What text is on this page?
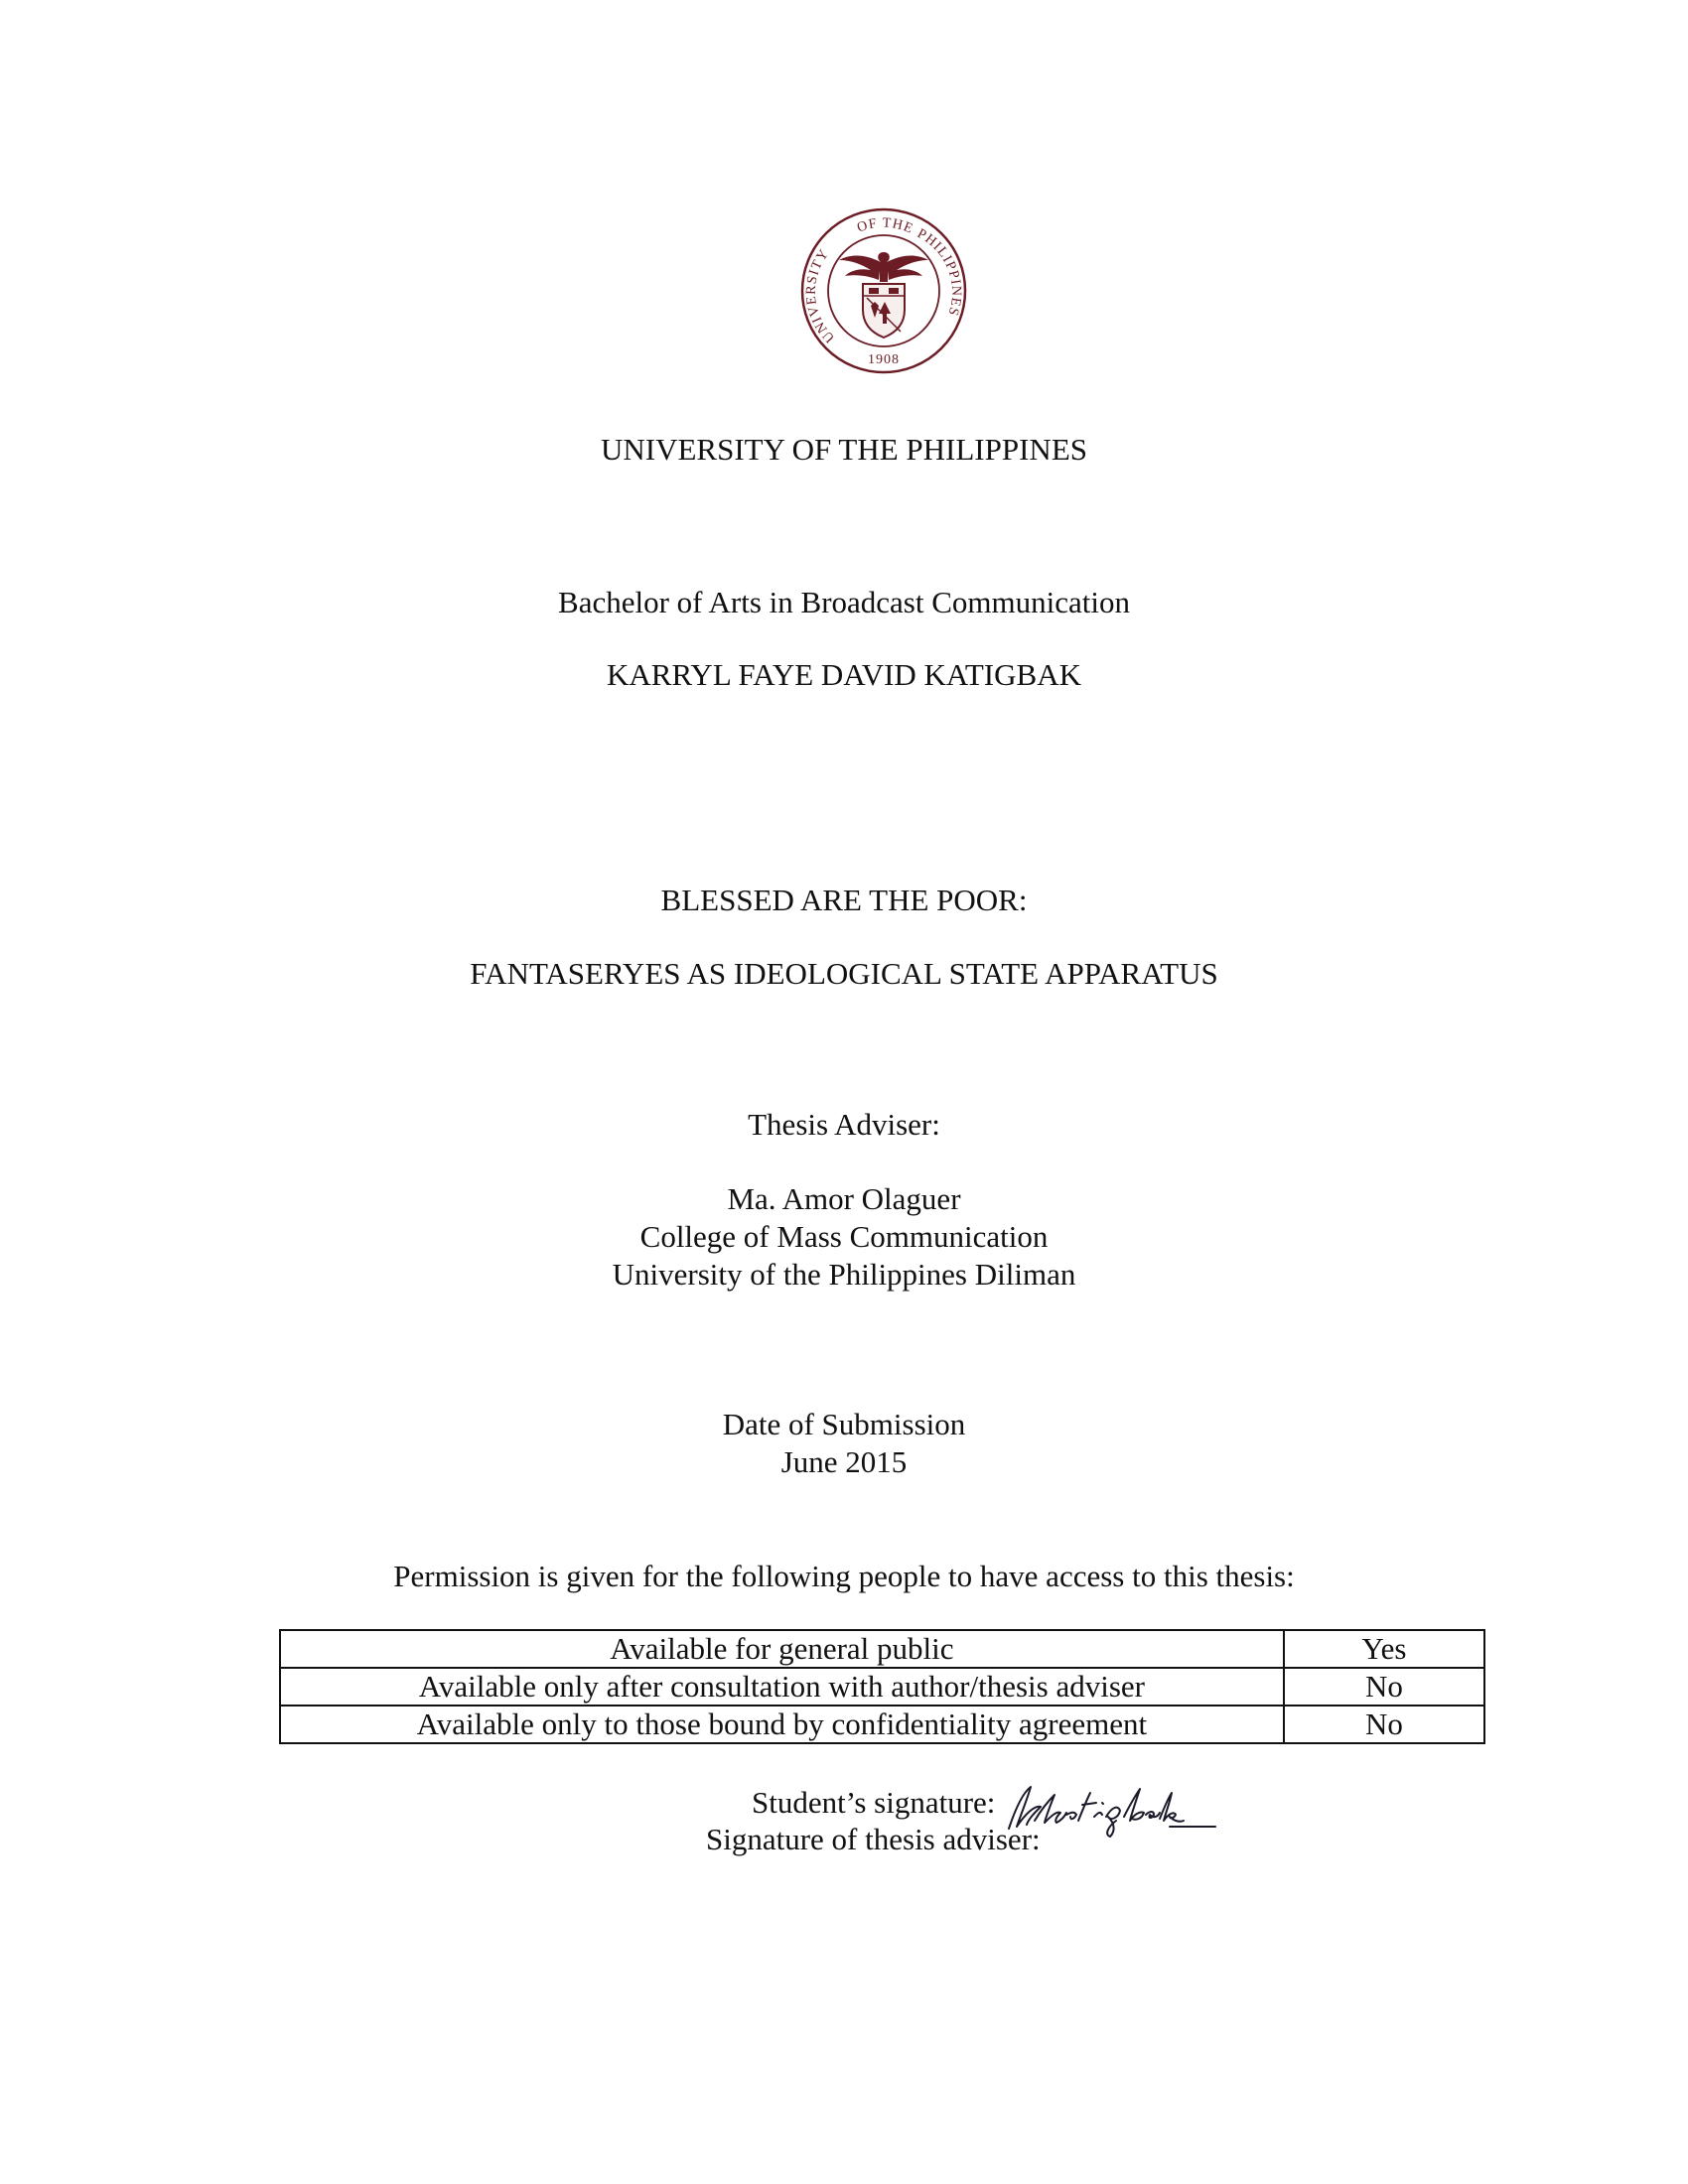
UNIVERSITY
OF THE PHILIPPINES
1908
UNIVERSITY OF THE PHILIPPINES
Bachelor of Arts in Broadcast Communication
KARRYL FAYE DAVID KATIGBAK
BLESSED ARE THE POOR:
FANTASERYES AS IDEOLOGICAL STATE APPARATUS
Thesis Adviser:
Ma. Amor Olaguer
College of Mass Communication
University of the Philippines Diliman
Date of Submission
June 2015
Permission is given for the following people to have access to this thesis:
Available for general public	Yes
Available only after consultation with author/thesis adviser	No
Available only to those bound by confidentiality agreement	No
Student’s signature:
Signature of thesis adviser:
